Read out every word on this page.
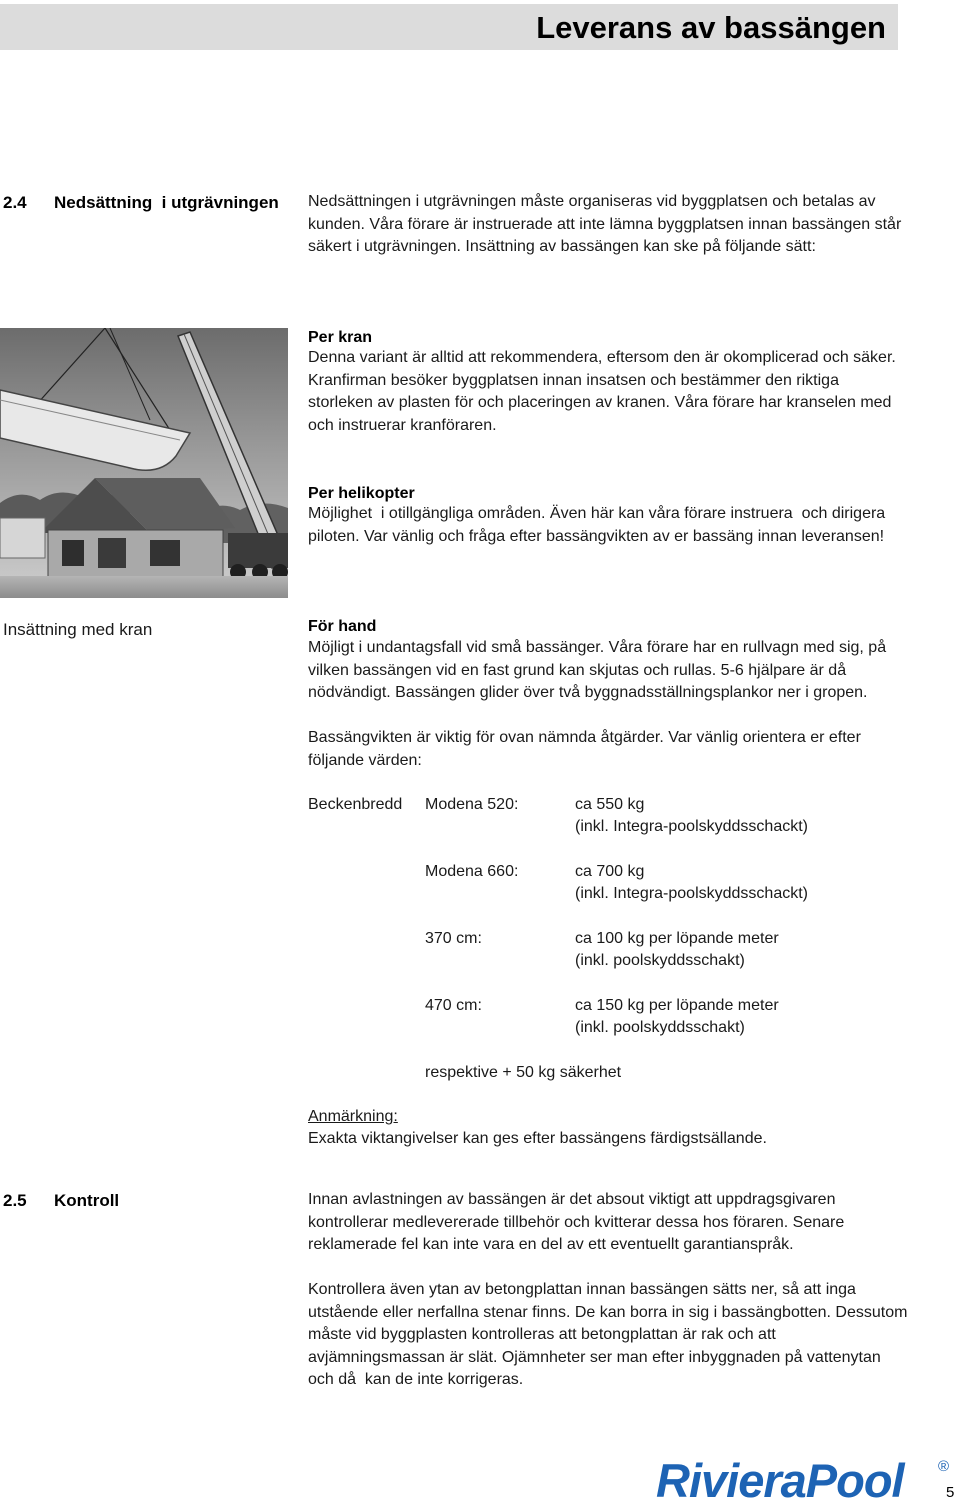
Leverans av bassängen
2.4 Nedsättning  i utgrävningen Nedsättningen i utgrävningen måste organiseras vid byggplatsen och betalas av kunden. Våra förare är instruerade att inte lämna byggplatsen innan bassängen står säkert i utgrävningen. Insättning av bassängen kan ske på följande sätt:

Per kran

Denna variant är alltid att rekommendera, eftersom den är okomplicerad och säker. Kranfirman besöker byggplatsen innan insatsen och bestämmer den riktiga storleken av plasten för och placeringen av kranen. Våra förare har kranselen med och instruerar kranföraren.

Per helikopter

Möjlighet  i otillgängliga områden. Även här kan våra förare instruera  och dirigera piloten. Var vänlig och fråga efter bassängvikten av er bassäng innan leveransen!

Insättning med kran	För hand

Möjligt i undantagsfall vid små bassänger. Våra förare har en rullvagn med sig, på vilken bassängen vid en fast grund kan skjutas och rullas. 5-6 hjälpare är då nödvändigt. Bassängen glider över två byggnadsställningsplankor ner i gropen.

Bassängvikten är viktig för ovan nämnda åtgärder. Var vänlig orientera er efter följande värden:

Beckenbredd Modena 520:	ca 550 kg
(inkl. Integra-poolskyddsschackt)
Modena 660:	ca 700 kg
(inkl. Integra-poolskyddsschackt)
370 cm:	ca 100 kg per löpande meter
(inkl. poolskyddsschakt)
470 cm:	ca 150 kg per löpande meter
(inkl. poolskyddsschakt)
respektive + 50 kg säkerhet
Anmärkning:
Exakta viktangivelser kan ges efter bassängens färdigstsällande.
2.5 Kontroll	Innan avlastningen av bassängen är det absout viktigt att uppdragsgivaren kontrollerar medlevererade tillbehör och kvitterar dessa hos föraren. Senare reklamerade fel kan inte vara en del av ett eventuellt garantianspråk.

Kontrollera även ytan av betongplattan innan bassängen sätts ner, så att inga utstående eller nerfallna stenar finns. De kan borra in sig i bassängbotten. Dessutom måste vid byggplasten kontrolleras att betongplattan är rak och att avjämningsmassan är slät. Ojämnheter ser man efter inbyggnaden på vattenytan och då  kan de inte korrigeras.

RivieraPool ®
5
